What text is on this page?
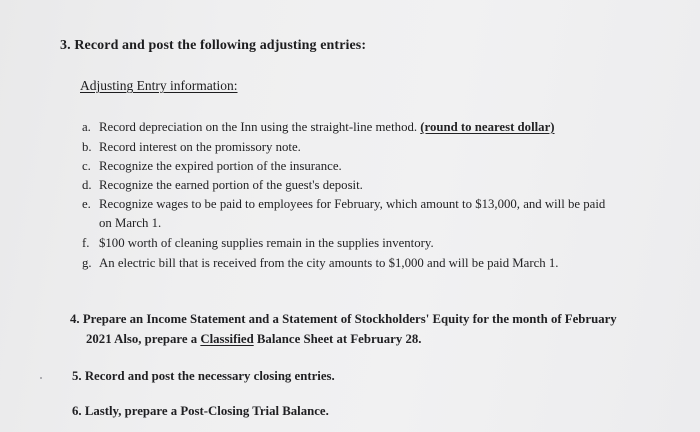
3. Record and post the following adjusting entries:
Adjusting Entry information:
a. Record depreciation on the Inn using the straight-line method. (round to nearest dollar)
b. Record interest on the promissory note.
c. Recognize the expired portion of the insurance.
d. Recognize the earned portion of the guest's deposit.
e. Recognize wages to be paid to employees for February, which amount to $13,000, and will be paid
on March 1.
f. $100 worth of cleaning supplies remain in the supplies inventory.
g. An electric bill that is received from the city amounts to $1,000 and will be paid March 1.
4. Prepare an Income Statement and a Statement of Stockholders' Equity for the month of February
2021 Also, prepare a Classified Balance Sheet at February 28.
5. Record and post the necessary closing entries.
6. Lastly, prepare a Post-Closing Trial Balance.
